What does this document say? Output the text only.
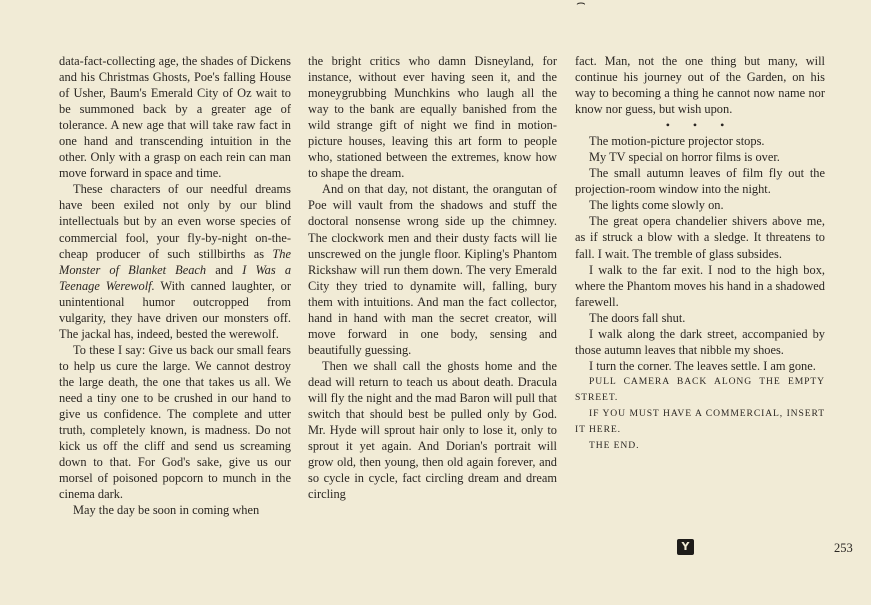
⌢

data-fact-collecting age, the shades of Dickens and his Christmas Ghosts, Poe's falling House of Usher, Baum's Emerald City of Oz wait to be summoned back by a greater age of tolerance. A new age that will take raw fact in one hand and transcending intuition in the other. Only with a grasp on each rein can man move forward in space and time.

These characters of our needful dreams have been exiled not only by our blind intellectuals but by an even worse species of commercial fool, your fly-by-night on-the-cheap producer of such stillbirths as The Monster of Blanket Beach and I Was a Teenage Werewolf. With canned laughter, or unintentional humor outcropped from vulgarity, they have driven our monsters off. The jackal has, indeed, bested the werewolf.

To these I say: Give us back our small fears to help us cure the large. We cannot destroy the large death, the one that takes us all. We need a tiny one to be crushed in our hand to give us confidence. The complete and utter truth, completely known, is madness. Do not kick us off the cliff and send us screaming down to that. For God's sake, give us our morsel of poisoned popcorn to munch in the cinema dark.

May the day be soon in coming when

the bright critics who damn Disneyland, for instance, without ever having seen it, and the moneygrubbing Munchkins who laugh all the way to the bank are equally banished from the wild strange gift of night we find in motion-picture houses, leaving this art form to people who, stationed between the extremes, know how to shape the dream.

And on that day, not distant, the orangutan of Poe will vault from the shadows and stuff the doctoral nonsense wrong side up the chimney. The clockwork men and their dusty facts will lie unscrewed on the jungle floor. Kipling's Phantom Rickshaw will run them down. The very Emerald City they tried to dynamite will, falling, bury them with intuitions. And man the fact collector, hand in hand with man the secret creator, will move forward in one body, sensing and beautifully guessing.

Then we shall call the ghosts home and the dead will return to teach us about death. Dracula will fly the night and the mad Baron will pull that switch that should best be pulled only by God. Mr. Hyde will sprout hair only to lose it, only to sprout it yet again. And Dorian's portrait will grow old, then young, then old again forever, and so cycle in cycle, fact circling dream and dream circling

fact. Man, not the one thing but many, will continue his journey out of the Garden, on his way to becoming a thing he cannot now name nor know nor guess, but wish upon.

• • •

The motion-picture projector stops.

My TV special on horror films is over.

The small autumn leaves of film fly out the projection-room window into the night.

The lights come slowly on.

The great opera chandelier shivers above me, as if struck a blow with a sledge. It threatens to fall. I wait. The tremble of glass subsides.

I walk to the far exit. I nod to the high box, where the Phantom moves his hand in a shadowed farewell.

The doors fall shut.

I walk along the dark street, accompanied by those autumn leaves that nibble my shoes.

I turn the corner. The leaves settle. I am gone.

PULL CAMERA BACK ALONG THE EMPTY STREET.

IF YOU MUST HAVE A COMMERCIAL, INSERT IT HERE.

THE END.

Y	253
